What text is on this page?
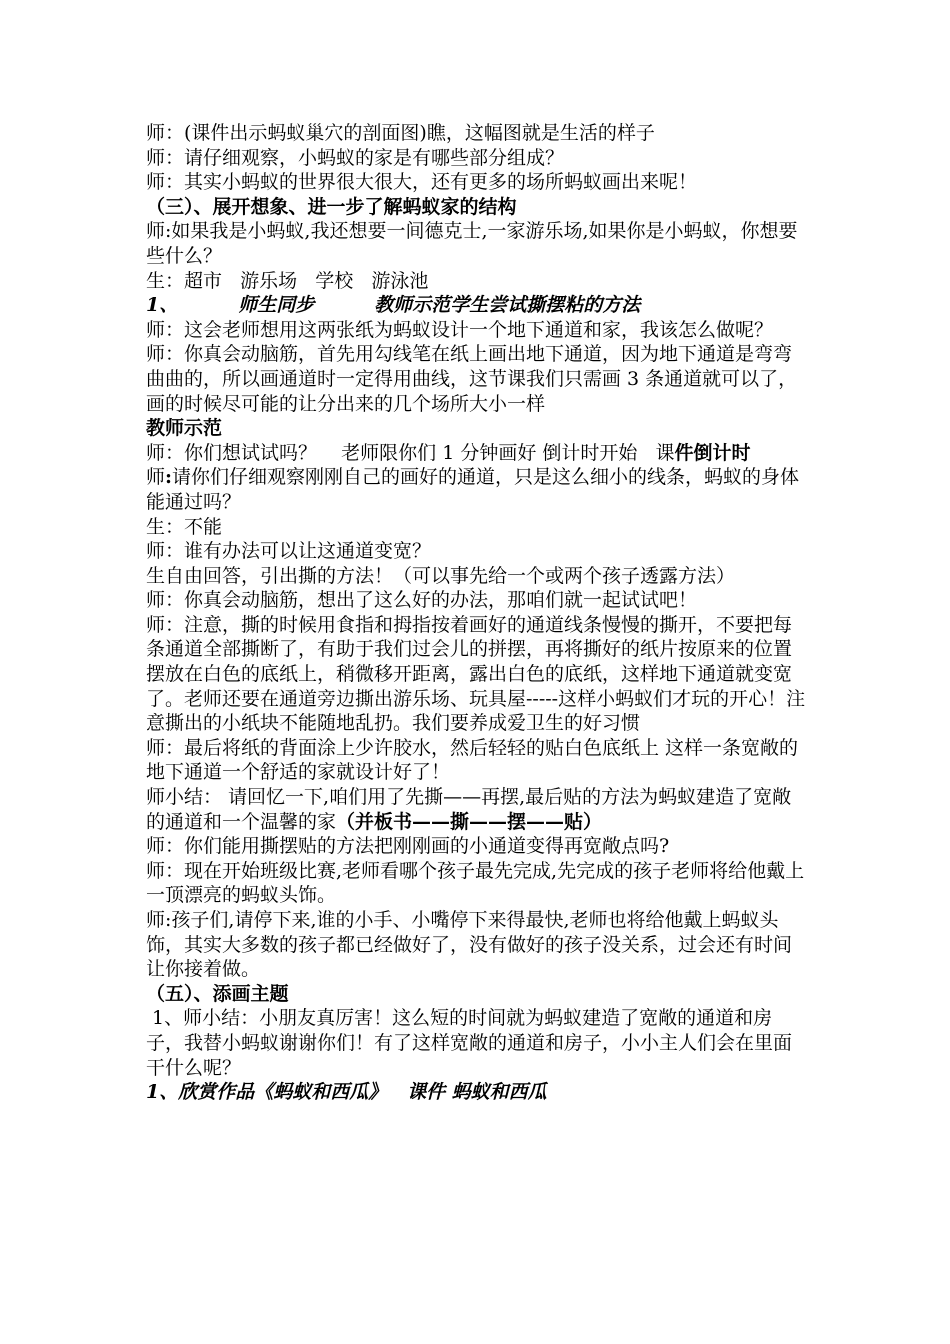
师：(课件出示蚂蚁巢穴的剖面图)瞧，这幅图就是生活的样子

师：请仔细观察，小蚂蚁的家是有哪些部分组成？

师：其实小蚂蚁的世界很大很大，还有更多的场所蚂蚁画出来呢！

（三）、展开想象、进一步了解蚂蚁家的结构

师:如果我是小蚂蚁,我还想要一间德克士,一家游乐场,如果你是小蚂蚁，你想要些什么？

生：超市   游乐场   学校   游泳池

1、	师生同步	教师示范学生尝试撕摆粘的方法

师：这会老师想用这两张纸为蚂蚁设计一个地下通道和家，我该怎么做呢？

师：你真会动脑筋，首先用勾线笔在纸上画出地下通道，因为地下通道是弯弯曲曲的，所以画通道时一定得用曲线，这节课我们只需画 3 条通道就可以了，画的时候尽可能的让分出来的几个场所大小一样

教师示范

师：你们想试试吗？    老师限你们 1 分钟画好 倒计时开始   课件倒计时

师:请你们仔细观察刚刚自己的画好的通道，只是这么细小的线条，蚂蚁的身体能通过吗？

生：不能

师：谁有办法可以让这通道变宽？

生自由回答，引出撕的方法！（可以事先给一个或两个孩子透露方法）

师：你真会动脑筋，想出了这么好的办法，那咱们就一起试试吧！

师：注意，撕的时候用食指和拇指按着画好的通道线条慢慢的撕开，不要把每条通道全部撕断了，有助于我们过会儿的拼摆，再将撕好的纸片按原来的位置摆放在白色的底纸上，稍微移开距离，露出白色的底纸，这样地下通道就变宽了。老师还要在通道旁边撕出游乐场、玩具屋-----这样小蚂蚁们才玩的开心！注意撕出的小纸块不能随地乱扔。我们要养成爱卫生的好习惯

师：最后将纸的背面涂上少许胶水，然后轻轻的贴白色底纸上 这样一条宽敞的地下通道一个舒适的家就设计好了！

师小结： 请回忆一下,咱们用了先撕——再摆,最后贴的方法为蚂蚁建造了宽敞的通道和一个温馨的家（并板书——撕——摆——贴）

师：你们能用撕摆贴的方法把刚刚画的小通道变得再宽敞点吗?

师：现在开始班级比赛,老师看哪个孩子最先完成,先完成的孩子老师将给他戴上一顶漂亮的蚂蚁头饰。

师:孩子们,请停下来,谁的小手、小嘴停下来得最快,老师也将给他戴上蚂蚁头饰，其实大多数的孩子都已经做好了，没有做好的孩子没关系，过会还有时间让你接着做。

（五）、添画主题

1、师小结：小朋友真厉害！这么短的时间就为蚂蚁建造了宽敞的通道和房子，我替小蚂蚁谢谢你们！有了这样宽敞的通道和房子，小小主人们会在里面干什么呢？

1、欣赏作品《蚂蚁和西瓜》   课件 蚂蚁和西瓜
